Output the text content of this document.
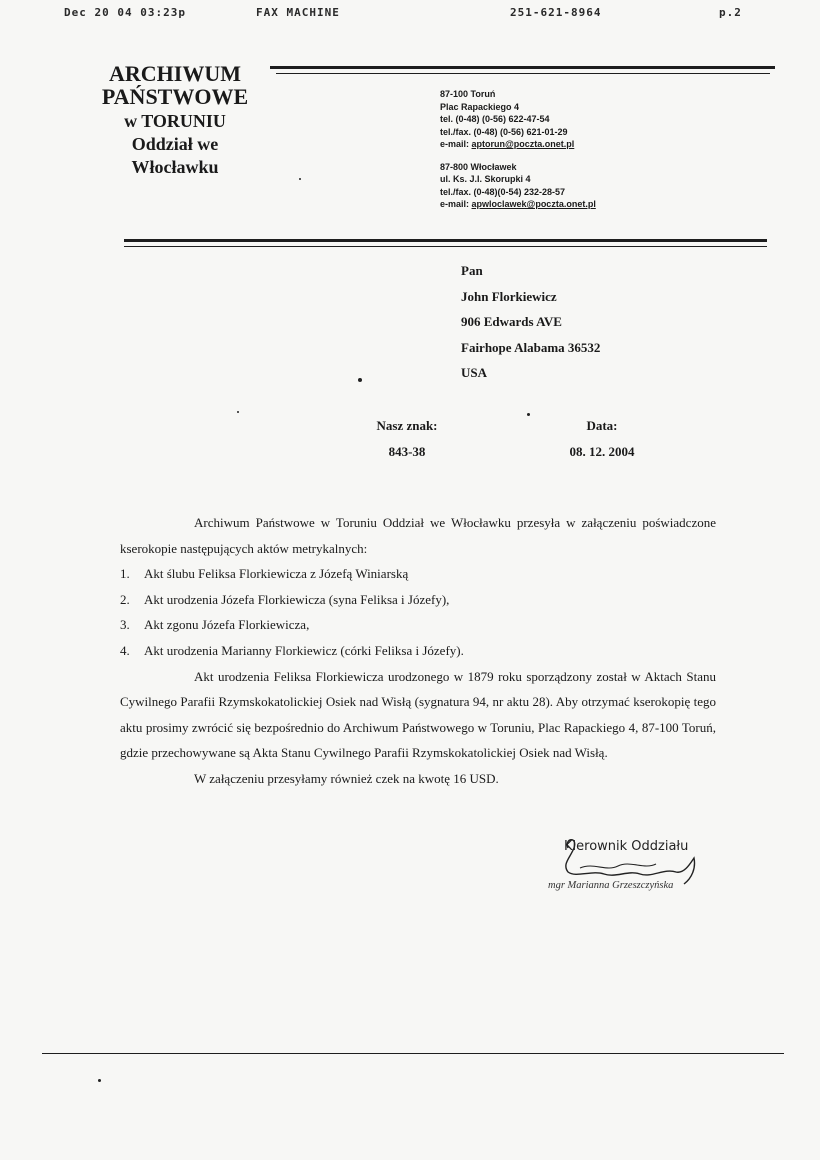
Dec 20 04 03:23p	FAX MACHINE	251-621-8964	p.2
ARCHIWUM
PAŃSTWOWE
w TORUNIU
Oddział we
Włocławku
87-100 Toruń
Plac Rapackiego 4
tel. (0-48) (0-56) 622-47-54
tel./fax. (0-48) (0-56) 621-01-29
e-mail: aptorun@poczta.onet.pl
87-800 Włocławek
ul. Ks. J.I. Skorupki 4
tel./fax. (0-48)(0-54) 232-28-57
e-mail: apwloclawek@poczta.onet.pl
Pan
John Florkiewicz
906 Edwards AVE
Fairhope Alabama 36532
USA
Nasz znak:
843-38
Data:
08. 12. 2004

Archiwum Państwowe w Toruniu Oddział we Włocławku przesyła w załączeniu poświadczone kserokopie następujących aktów metrykalnych:

1.	Akt ślubu Feliksa Florkiewicza z Józefą Winiarską
2.	Akt urodzenia Józefa Florkiewicza (syna Feliksa i Józefy),
3.	Akt zgonu Józefa Florkiewicza,
4.	Akt urodzenia Marianny Florkiewicz (córki Feliksa i Józefy).

Akt urodzenia Feliksa Florkiewicza urodzonego w 1879 roku sporządzony został w Aktach Stanu Cywilnego Parafii Rzymskokatolickiej Osiek nad Wisłą (sygnatura 94, nr aktu 28). Aby otrzymać kserokopię tego aktu prosimy zwrócić się bezpośrednio do Archiwum Państwowego w Toruniu, Plac Rapackiego 4, 87-100 Toruń, gdzie przechowywane są Akta Stanu Cywilnego Parafii Rzymskokatolickiej Osiek nad Wisłą.

W załączeniu przesyłamy również czek na kwotę 16 USD.

Kierownik Oddziału
mgr Marianna Grzeszczyńska
